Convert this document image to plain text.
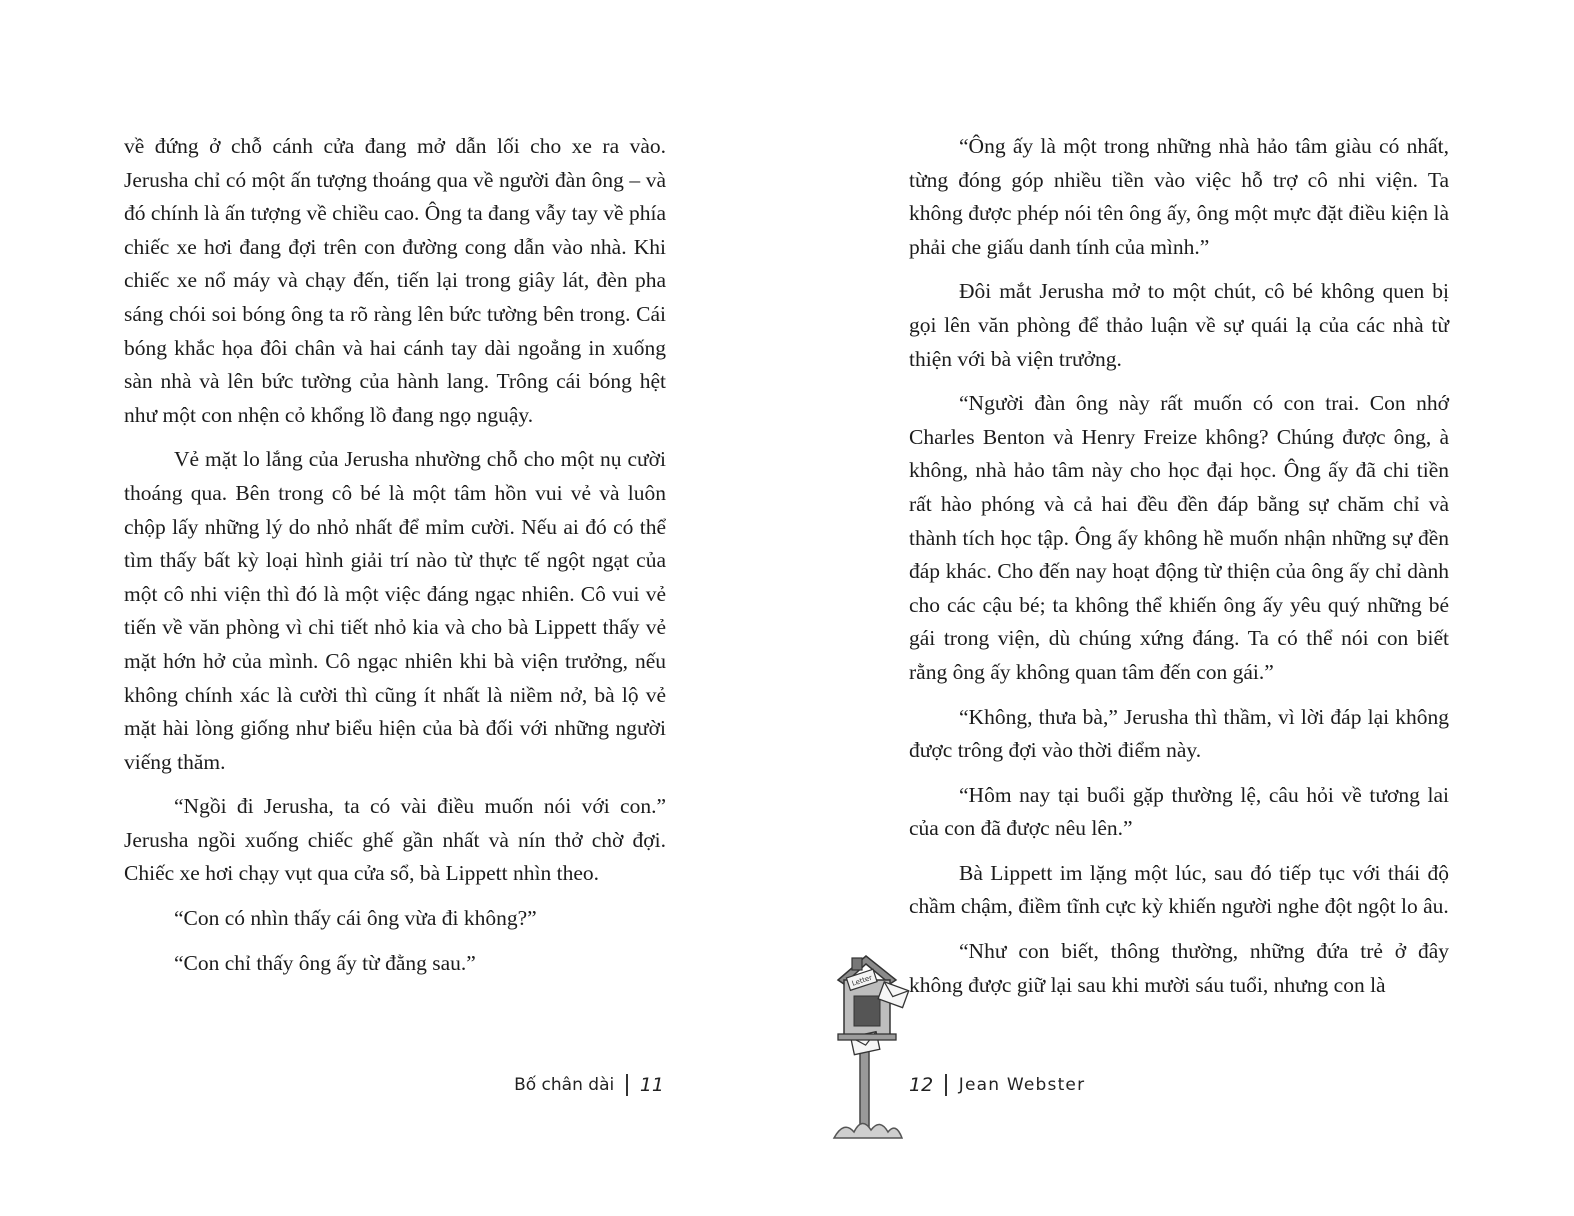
về đứng ở chỗ cánh cửa đang mở dẫn lối cho xe ra vào. Jerusha chỉ có một ấn tượng thoáng qua về người đàn ông – và đó chính là ấn tượng về chiều cao. Ông ta đang vẫy tay về phía chiếc xe hơi đang đợi trên con đường cong dẫn vào nhà. Khi chiếc xe nổ máy và chạy đến, tiến lại trong giây lát, đèn pha sáng chói soi bóng ông ta rõ ràng lên bức tường bên trong. Cái bóng khắc họa đôi chân và hai cánh tay dài ngoẳng in xuống sàn nhà và lên bức tường của hành lang. Trông cái bóng hệt như một con nhện cỏ khổng lồ đang ngọ nguậy.

Vẻ mặt lo lắng của Jerusha nhường chỗ cho một nụ cười thoáng qua. Bên trong cô bé là một tâm hồn vui vẻ và luôn chộp lấy những lý do nhỏ nhất để mỉm cười. Nếu ai đó có thể tìm thấy bất kỳ loại hình giải trí nào từ thực tế ngột ngạt của một cô nhi viện thì đó là một việc đáng ngạc nhiên. Cô vui vẻ tiến về văn phòng vì chi tiết nhỏ kia và cho bà Lippett thấy vẻ mặt hớn hở của mình. Cô ngạc nhiên khi bà viện trưởng, nếu không chính xác là cười thì cũng ít nhất là niềm nở, bà lộ vẻ mặt hài lòng giống như biểu hiện của bà đối với những người viếng thăm.

“Ngồi đi Jerusha, ta có vài điều muốn nói với con.” Jerusha ngồi xuống chiếc ghế gần nhất và nín thở chờ đợi. Chiếc xe hơi chạy vụt qua cửa sổ, bà Lippett nhìn theo.

“Con có nhìn thấy cái ông vừa đi không?”

“Con chỉ thấy ông ấy từ đằng sau.”

“Ông ấy là một trong những nhà hảo tâm giàu có nhất, từng đóng góp nhiều tiền vào việc hỗ trợ cô nhi viện. Ta không được phép nói tên ông ấy, ông một mực đặt điều kiện là phải che giấu danh tính của mình.”

Đôi mắt Jerusha mở to một chút, cô bé không quen bị gọi lên văn phòng để thảo luận về sự quái lạ của các nhà từ thiện với bà viện trưởng.

“Người đàn ông này rất muốn có con trai. Con nhớ Charles Benton và Henry Freize không? Chúng được ông, à không, nhà hảo tâm này cho học đại học. Ông ấy đã chi tiền rất hào phóng và cả hai đều đền đáp bằng sự chăm chỉ và thành tích học tập. Ông ấy không hề muốn nhận những sự đền đáp khác. Cho đến nay hoạt động từ thiện của ông ấy chỉ dành cho các cậu bé; ta không thể khiến ông ấy yêu quý những bé gái trong viện, dù chúng xứng đáng. Ta có thể nói con biết rằng ông ấy không quan tâm đến con gái.”

“Không, thưa bà,” Jerusha thì thầm, vì lời đáp lại không được trông đợi vào thời điểm này.

“Hôm nay tại buổi gặp thường lệ, câu hỏi về tương lai của con đã được nêu lên.”

Bà Lippett im lặng một lúc, sau đó tiếp tục với thái độ chầm chậm, điềm tĩnh cực kỳ khiến người nghe đột ngột lo âu.

“Như con biết, thông thường, những đứa trẻ ở đây không được giữ lại sau khi mười sáu tuổi, nhưng con là

Bố chân dài 11	12 Jean Webster
Letter
